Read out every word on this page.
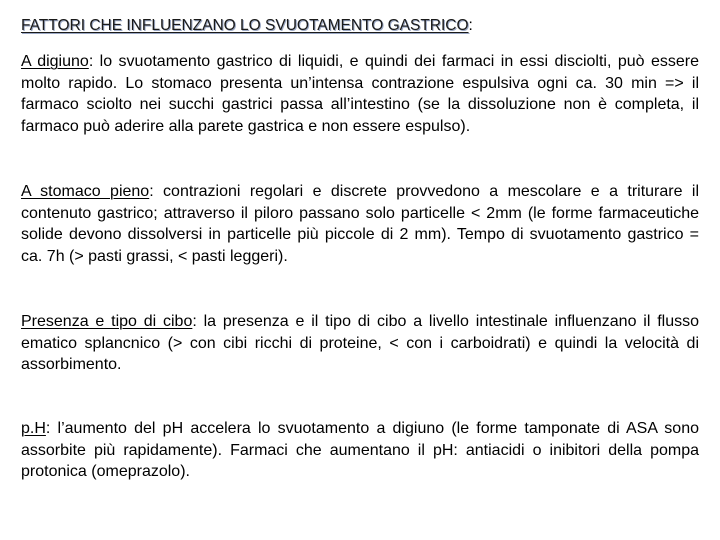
FATTORI CHE INFLUENZANO LO SVUOTAMENTO GASTRICO:

A digiuno: lo svuotamento gastrico di liquidi, e quindi dei farmaci in essi disciolti, può essere molto rapido. Lo stomaco presenta un’intensa contrazione espulsiva ogni ca. 30 min => il farmaco sciolto nei succhi gastrici passa all’intestino (se la dissoluzione non è completa, il farmaco può aderire alla parete gastrica e non essere espulso).

A stomaco pieno: contrazioni regolari e discrete provvedono a mescolare e a triturare il contenuto gastrico; attraverso il piloro passano solo particelle < 2mm (le forme farmaceutiche solide devono dissolversi in particelle più piccole di 2 mm). Tempo di svuotamento gastrico = ca. 7h (> pasti grassi, < pasti leggeri).

Presenza e tipo di cibo: la presenza e il tipo di cibo a livello intestinale influenzano il flusso ematico splancnico (> con cibi ricchi di proteine, < con i carboidrati) e quindi la velocità di assorbimento.

p.H: l’aumento del pH accelera lo svuotamento a digiuno (le forme tamponate di ASA sono assorbite più rapidamente). Farmaci che aumentano il pH: antiacidi o inibitori della pompa protonica (omeprazolo).
